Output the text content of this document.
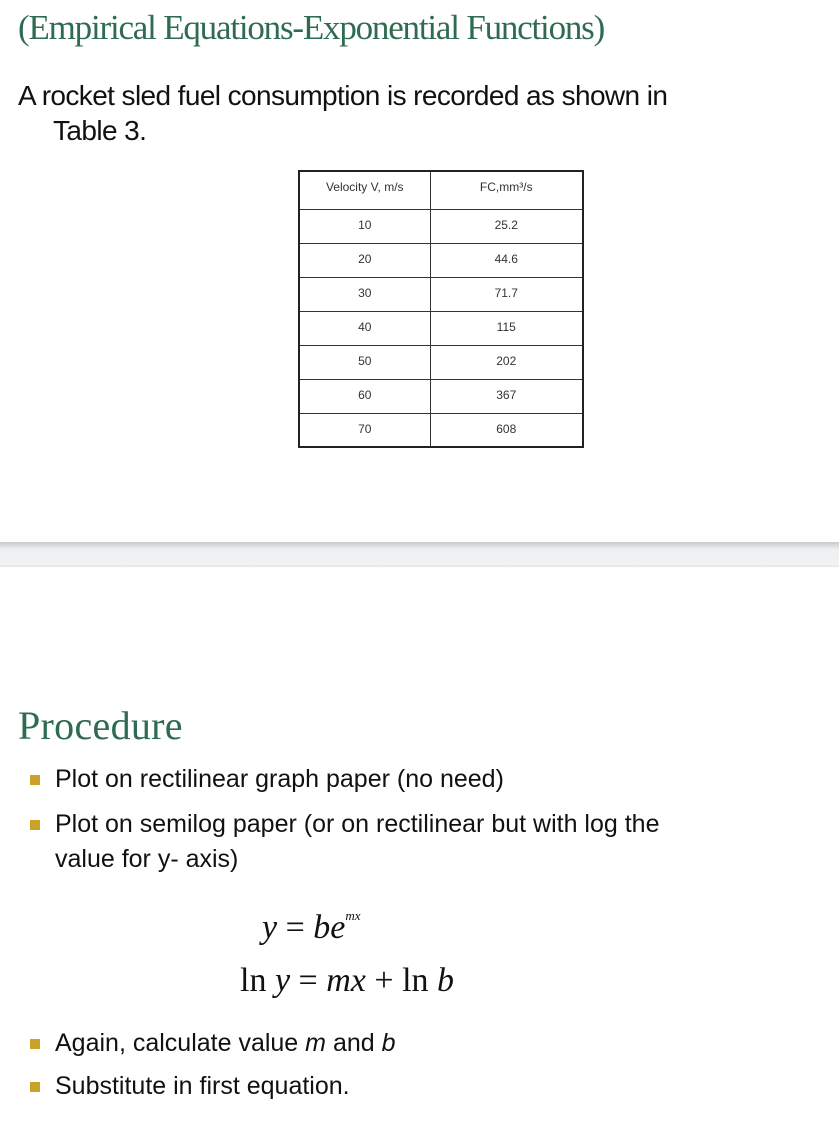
(Empirical Equations-Exponential Functions)
A rocket sled fuel consumption is recorded as shown in
Table 3.
Velocity V, m/s	FC,mm³/s
10	25.2
20	44.6
30	71.7
40	115
50	202
60	367
70	608
Procedure
Plot on rectilinear graph paper (no need)
Plot on semilog paper (or on rectilinear but with log the
value for y- axis)
$y = be^{mx}$
ln y = mx + ln b
Again, calculate value m and b
Substitute in first equation.
